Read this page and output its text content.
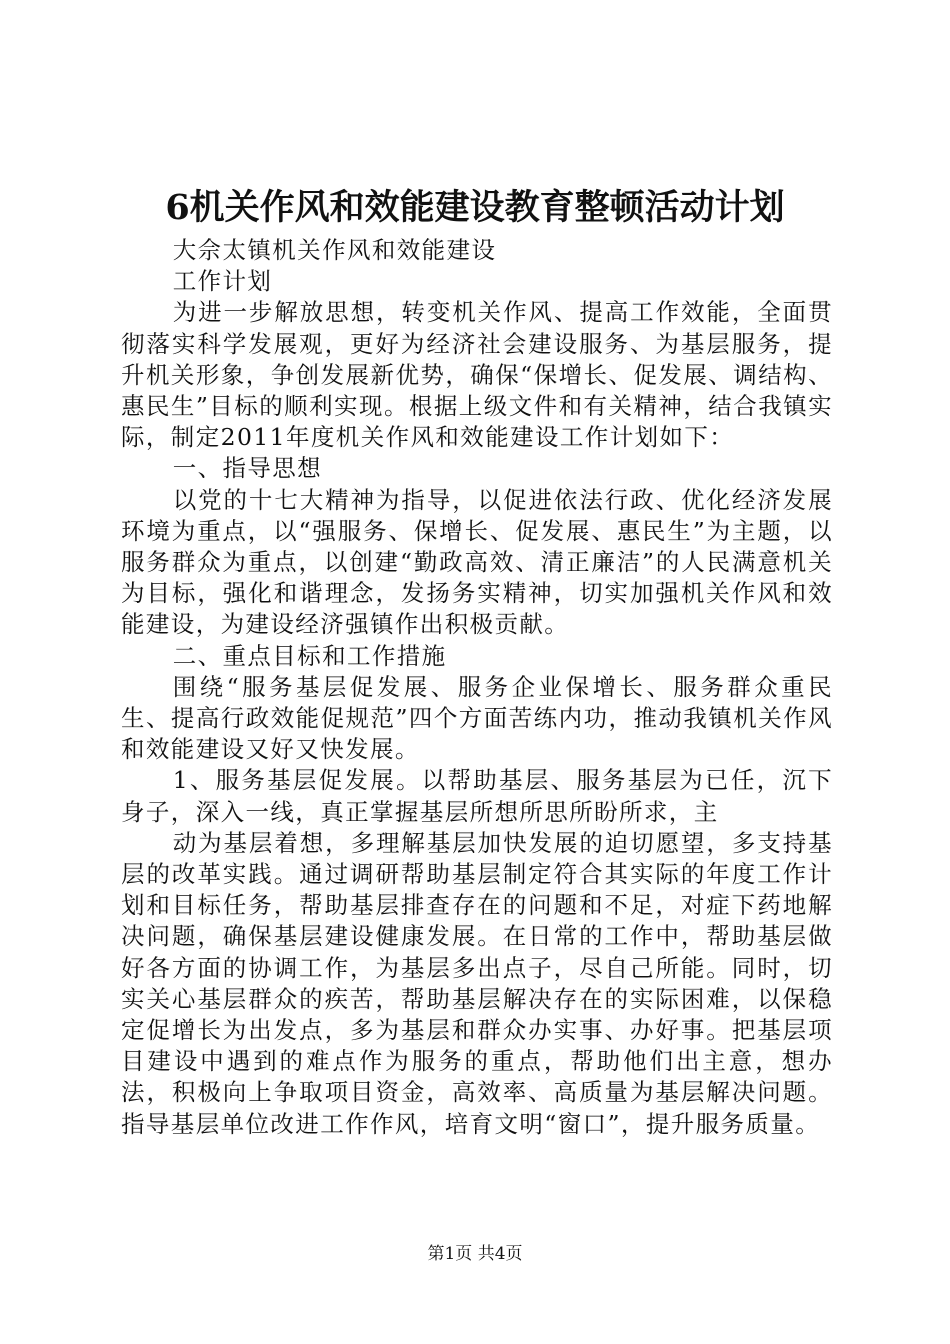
6机关作风和效能建设教育整顿活动计划

大佘太镇机关作风和效能建设

工作计划

为进一步解放思想，转变机关作风、提高工作效能，全面贯彻落实科学发展观，更好为经济社会建设服务、为基层服务，提升机关形象，争创发展新优势，确保“保增长、促发展、调结构、惠民生”目标的顺利实现。根据上级文件和有关精神，结合我镇实际，制定2011年度机关作风和效能建设工作计划如下：

一、指导思想

以党的十七大精神为指导，以促进依法行政、优化经济发展环境为重点，以“强服务、保增长、促发展、惠民生”为主题，以服务群众为重点，以创建“勤政高效、清正廉洁”的人民满意机关为目标，强化和谐理念，发扬务实精神，切实加强机关作风和效能建设，为建设经济强镇作出积极贡献。

二、重点目标和工作措施

围绕“服务基层促发展、服务企业保增长、服务群众重民生、提高行政效能促规范”四个方面苦练内功，推动我镇机关作风和效能建设又好又快发展。

1、服务基层促发展。以帮助基层、服务基层为已任，沉下身子，深入一线，真正掌握基层所想所思所盼所求，主

动为基层着想，多理解基层加快发展的迫切愿望，多支持基层的改革实践。通过调研帮助基层制定符合其实际的年度工作计划和目标任务，帮助基层排查存在的问题和不足，对症下药地解决问题，确保基层建设健康发展。在日常的工作中，帮助基层做好各方面的协调工作，为基层多出点子，尽自己所能。同时，切实关心基层群众的疾苦，帮助基层解决存在的实际困难，以保稳定促增长为出发点，多为基层和群众办实事、办好事。把基层项目建设中遇到的难点作为服务的重点，帮助他们出主意，想办法，积极向上争取项目资金，高效率、高质量为基层解决问题。指导基层单位改进工作作风，培育文明“窗口”，提升服务质量。

第1页 共4页
